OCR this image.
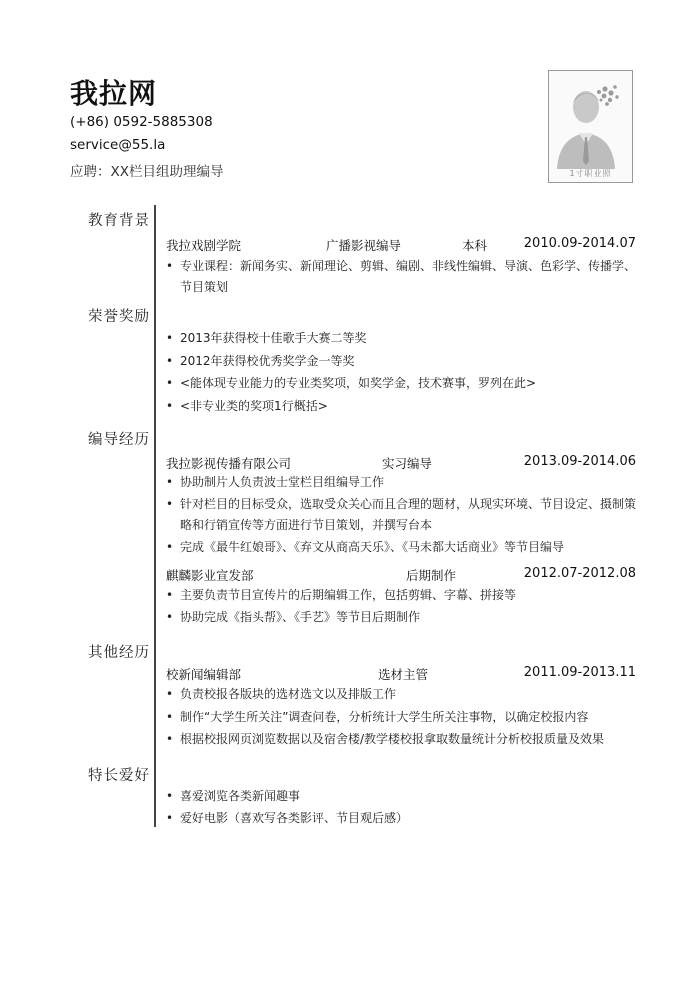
我拉网
(+86) 0592-5885308
service@55.la
应聘：XX栏目组助理编导	1寸职业照
教育背景
我拉戏剧学院	广播影视编导	本科	2010.09-2014.07
• 专业课程：新闻务实、新闻理论、剪辑、编剧、非线性编辑、导演、色彩学、传播学、节目策划
荣誉奖励
• 2013年获得校十佳歌手大赛二等奖
• 2012年获得校优秀奖学金一等奖
• <能体现专业能力的专业类奖项，如奖学金，技术赛事，罗列在此>
• <非专业类的奖项1行概括>
编导经历
我拉影视传播有限公司	实习编导	2013.09-2014.06
• 协助制片人负责波士堂栏目组编导工作
• 针对栏目的目标受众，选取受众关心而且合理的题材，从现实环境、节目设定、摄制策略和行销宣传等方面进行节目策划，并撰写台本
• 完成《最牛红娘哥》、《弃文从商高天乐》、《马未都大话商业》等节目编导
麒麟影业宣发部	后期制作	2012.07-2012.08
• 主要负责节目宣传片的后期编辑工作，包括剪辑、字幕、拼接等
• 协助完成《指头帮》、《手艺》等节目后期制作
其他经历
校新闻编辑部	选材主管	2011.09-2013.11
• 负责校报各版块的选材选文以及排版工作
• 制作“大学生所关注”调查问卷，分析统计大学生所关注事物，以确定校报内容
• 根据校报网页浏览数据以及宿舍楼/教学楼校报拿取数量统计分析校报质量及效果
特长爱好
• 喜爱浏览各类新闻趣事
• 爱好电影（喜欢写各类影评、节目观后感）
